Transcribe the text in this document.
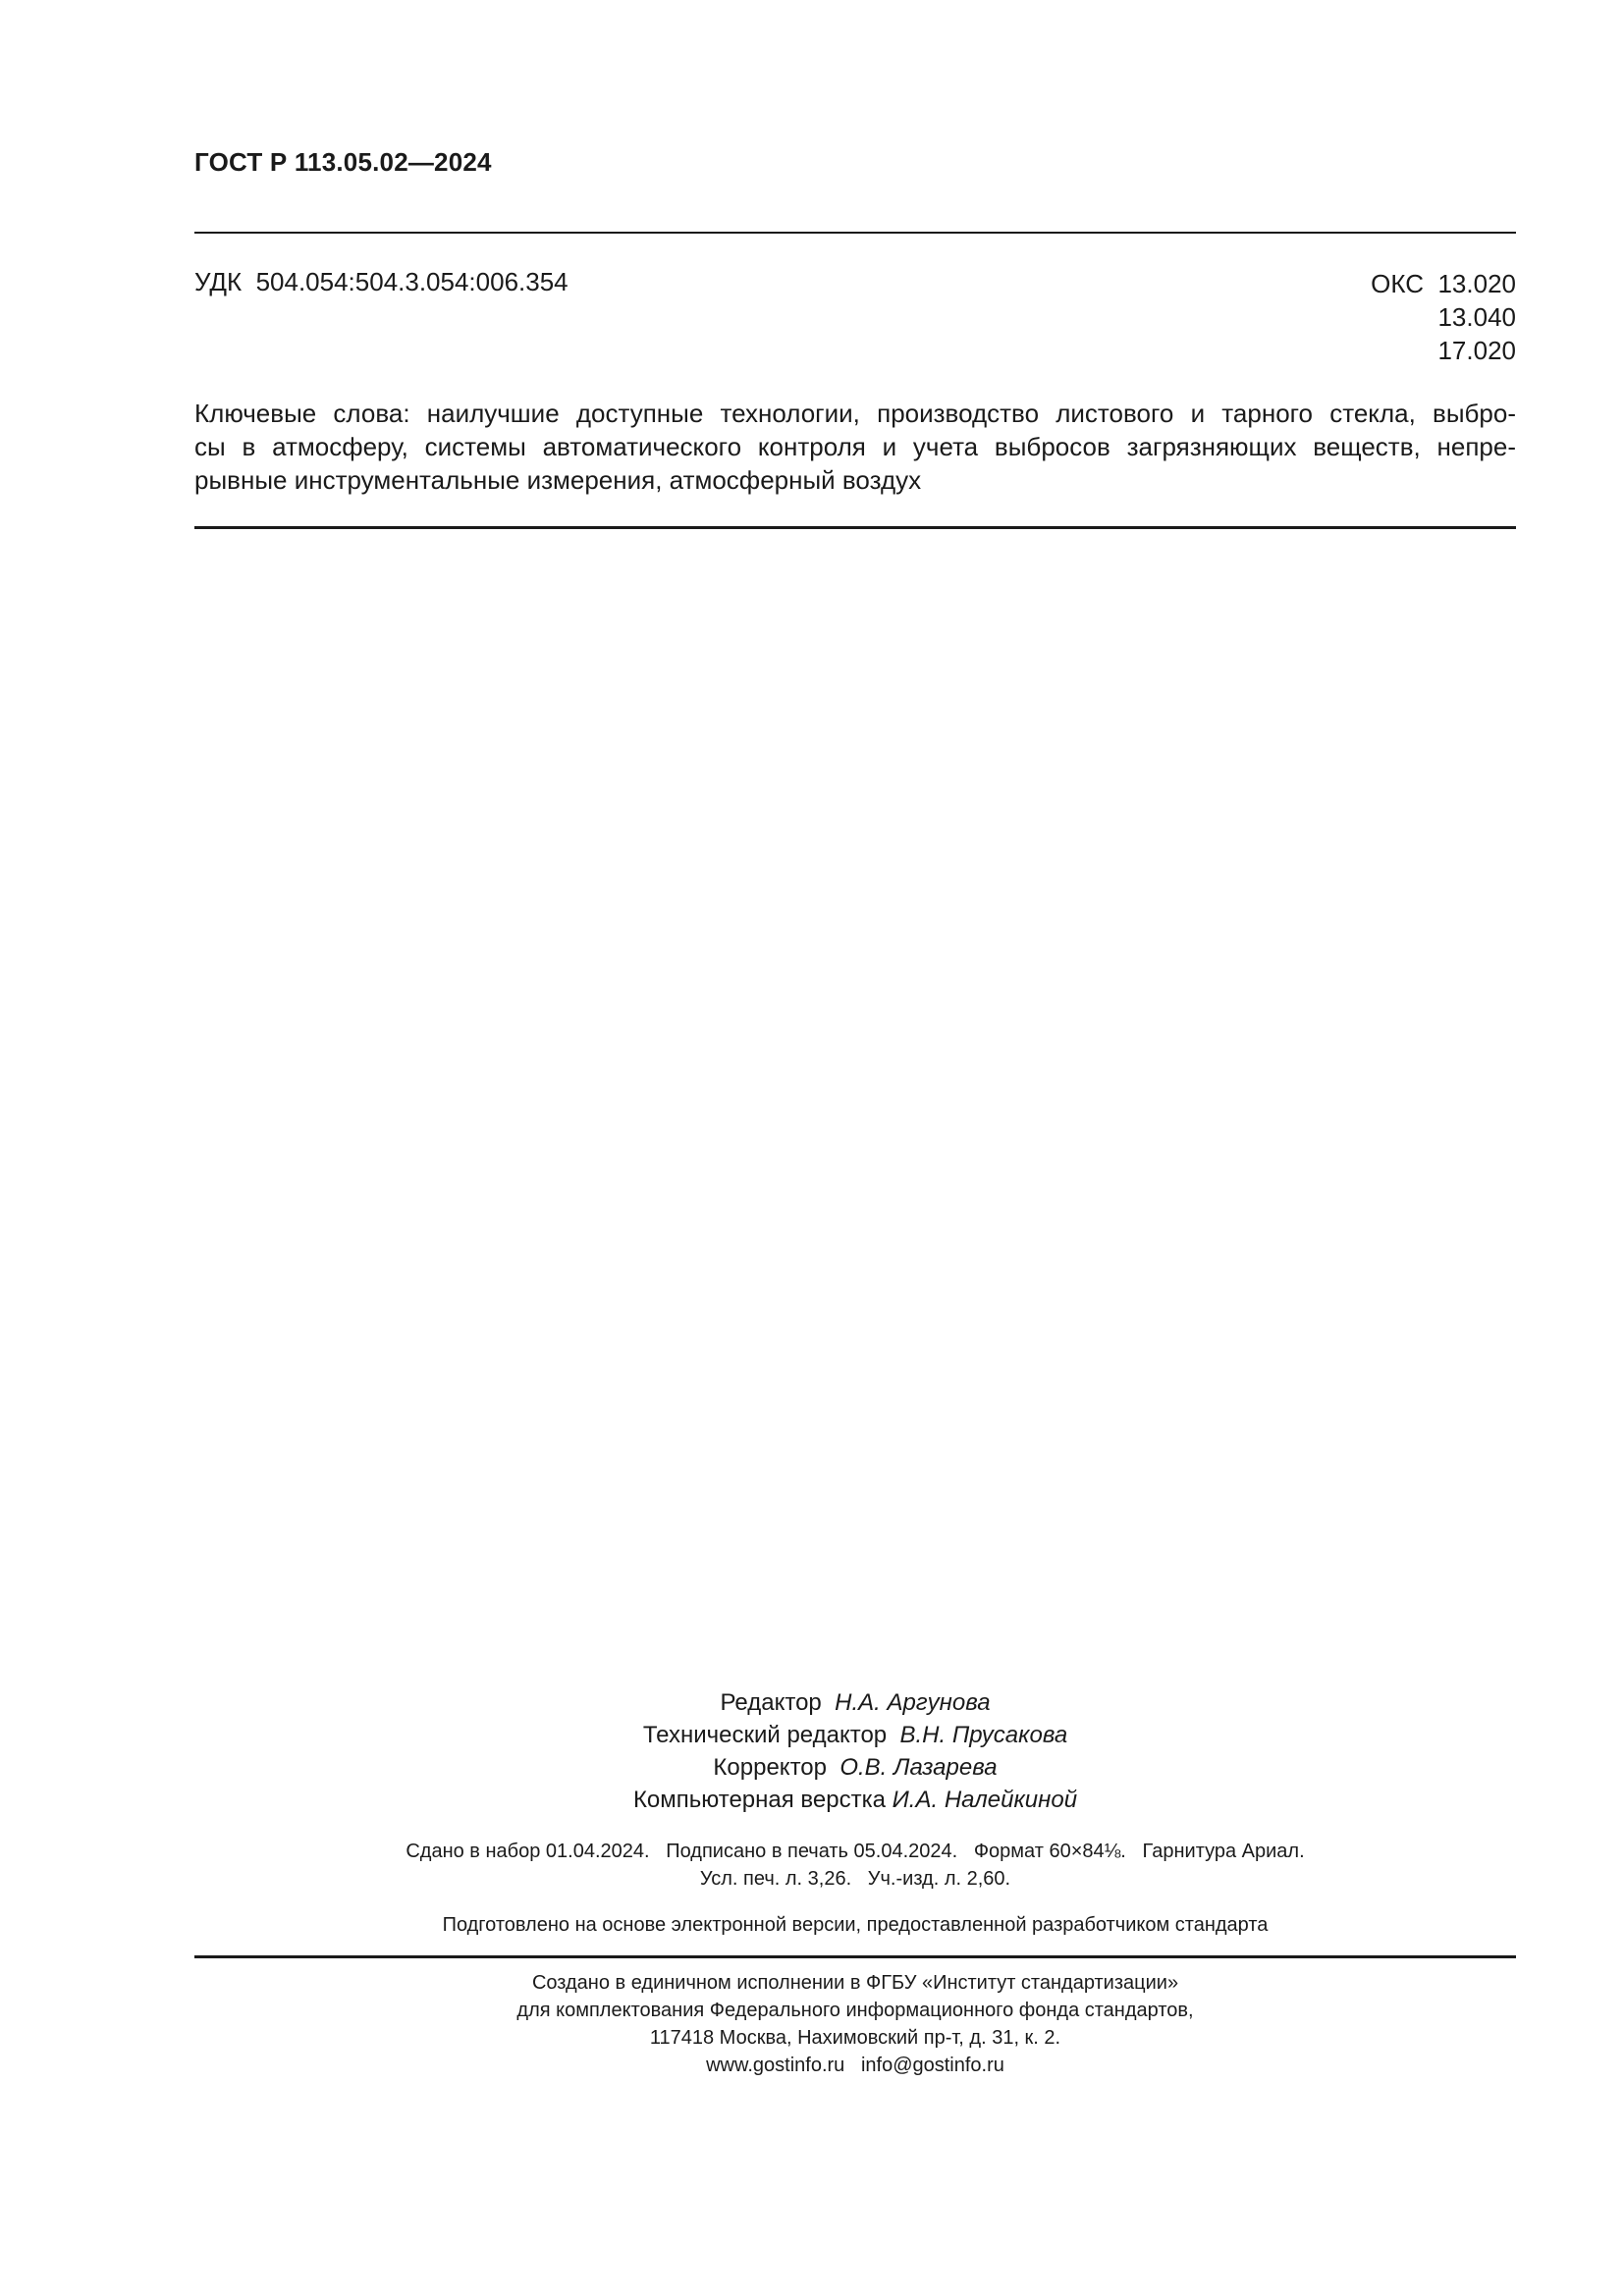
ГОСТ Р 113.05.02—2024
УДК 504.054:504.3.054:006.354	ОКС 13.020
13.040
17.020
Ключевые слова: наилучшие доступные технологии, производство листового и тарного стекла, выбро-
сы в атмосферу, системы автоматического контроля и учета выбросов загрязняющих веществ, непре-
рывные инструментальные измерения, атмосферный воздух
Редактор Н.А. Аргунова
Технический редактор В.Н. Прусакова
Корректор О.В. Лазарева
Компьютерная верстка И.А. Налейкиной
Сдано в набор 01.04.2024.   Подписано в печать 05.04.2024.   Формат 60×84⅛.   Гарнитура Ариал.
Усл. печ. л. 3,26.   Уч.-изд. л. 2,60.
Подготовлено на основе электронной версии, предоставленной разработчиком стандарта
Создано в единичном исполнении в ФГБУ «Институт стандартизации»
для комплектования Федерального информационного фонда стандартов,
117418 Москва, Нахимовский пр-т, д. 31, к. 2.
www.gostinfo.ru info@gostinfo.ru
